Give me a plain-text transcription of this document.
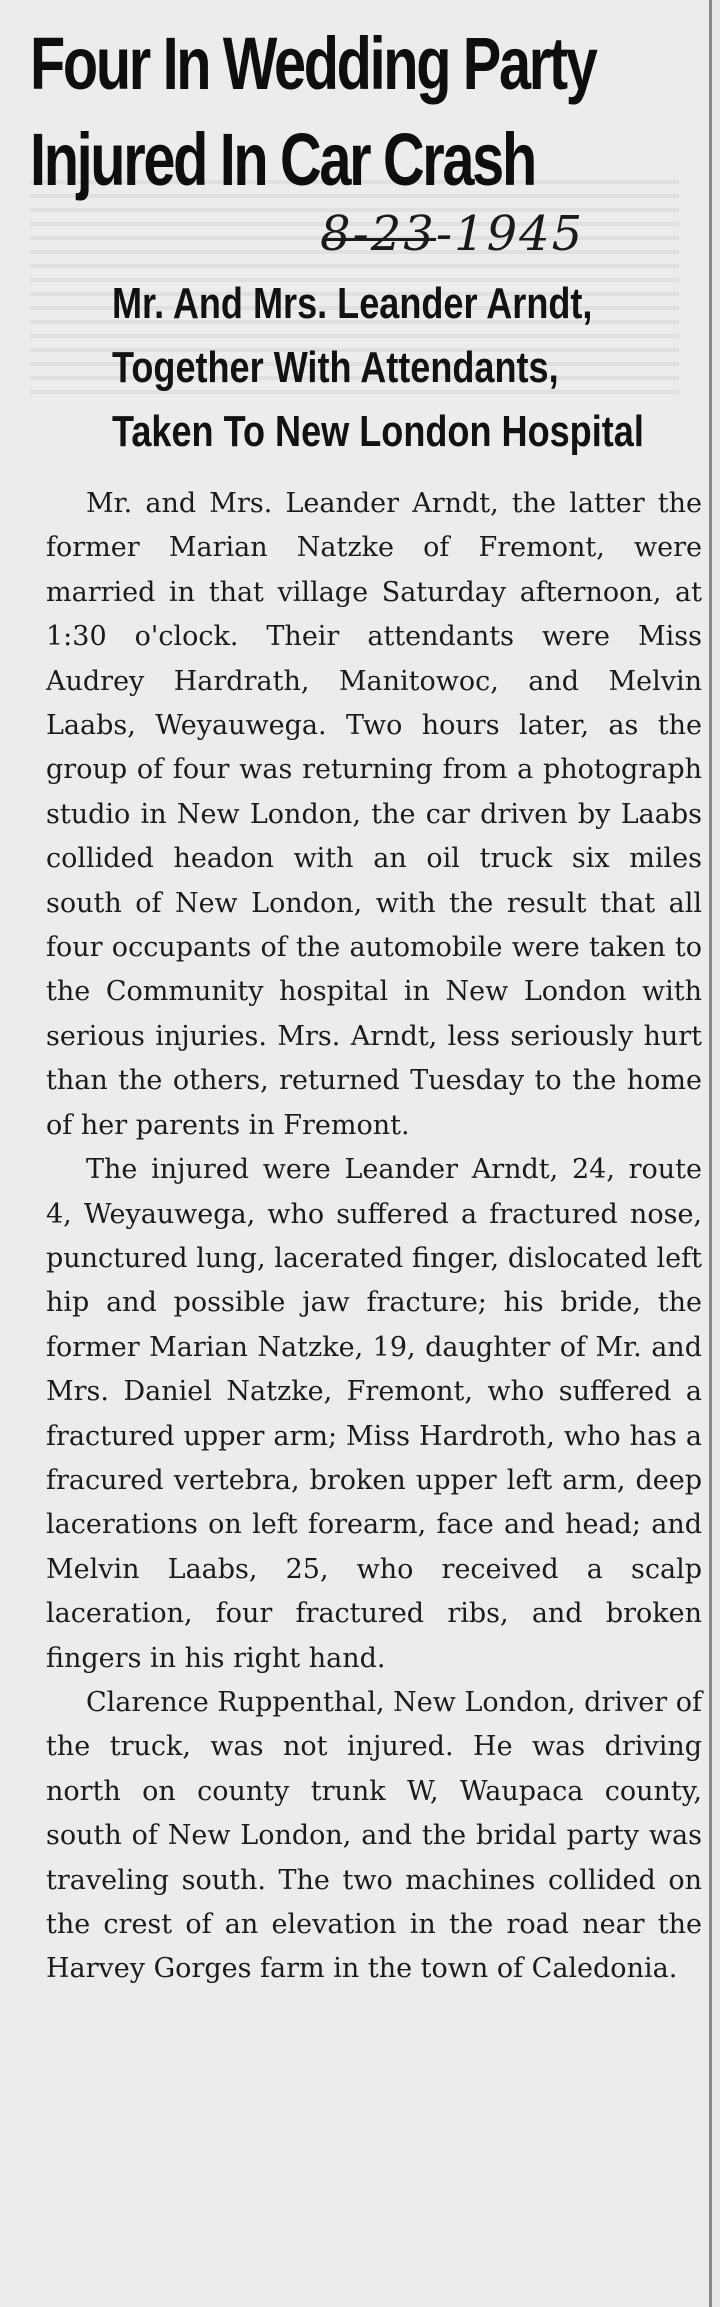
Four In Wedding Party
Injured In Car Crash
8-23-1945
Mr. And Mrs. Leander Arndt,
Together With Attendants,
Taken To New London Hospital

Mr. and Mrs. Leander Arndt, the latter the former Marian Natzke of Fremont, were married in that village Saturday afternoon, at 1:30 o'clock. Their attendants were Miss Audrey Hardrath, Manitowoc, and Melvin Laabs, Weyauwega. Two hours later, as the group of four was returning from a photograph studio in New London, the car driven by Laabs collided headon with an oil truck six miles south of New London, with the result that all four occupants of the automobile were taken to the Community hospital in New London with serious injuries. Mrs. Arndt, less seriously hurt than the others, returned Tuesday to the home of her parents in Fremont.

The injured were Leander Arndt, 24, route 4, Weyauwega, who suffered a fractured nose, punctured lung, lacerated finger, dislocated left hip and possible jaw fracture; his bride, the former Marian Natzke, 19, daughter of Mr. and Mrs. Daniel Natzke, Fremont, who suffered a fractured upper arm; Miss Hardroth, who has a fracured vertebra, broken upper left arm, deep lacerations on left forearm, face and head; and Melvin Laabs, 25, who received a scalp laceration, four fractured ribs, and broken fingers in his right hand.

Clarence Ruppenthal, New London, driver of the truck, was not injured. He was driving north on county trunk W, Waupaca county, south of New London, and the bridal party was traveling south. The two machines collided on the crest of an elevation in the road near the Harvey Gorges farm in the town of Caledonia.
